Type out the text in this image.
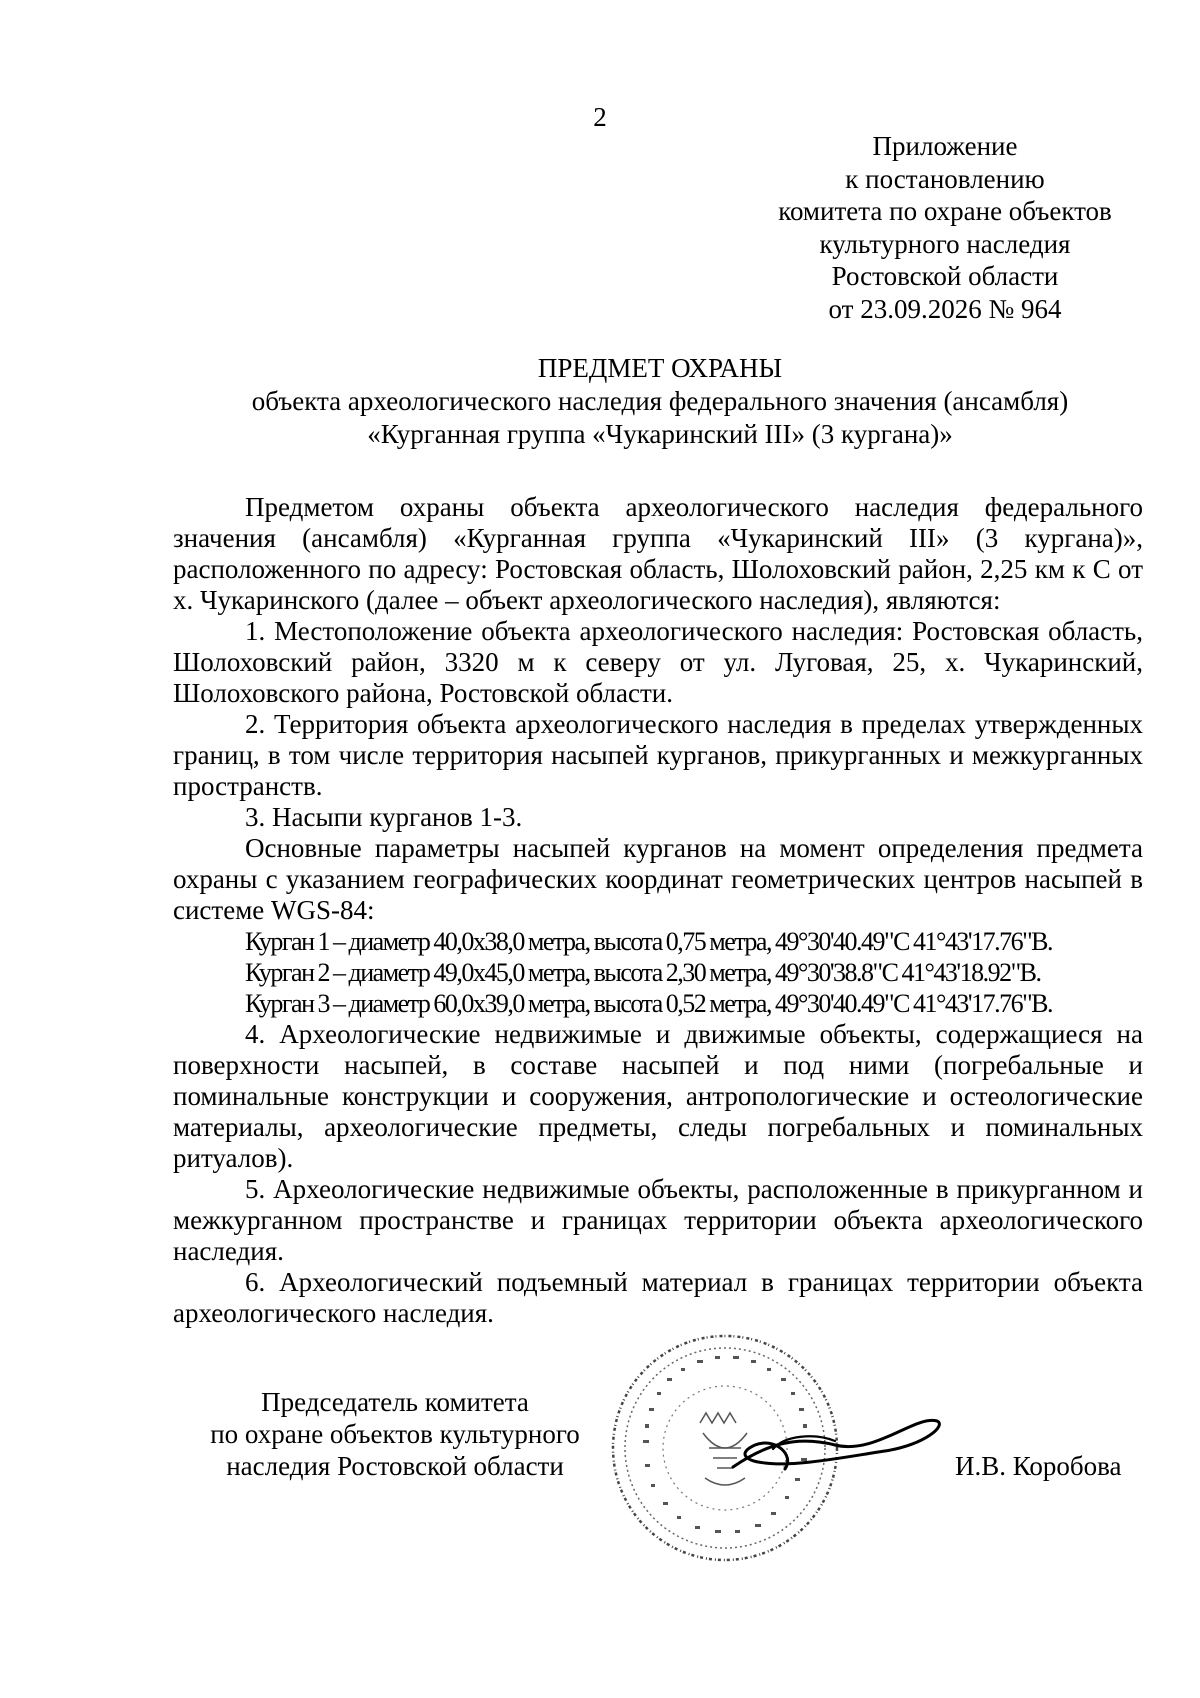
2
Приложение
к постановлению
комитета по охране объектов
культурного наследия
Ростовской области
от 23.09.2026 № 964
ПРЕДМЕТ ОХРАНЫ
объекта археологического наследия федерального значения (ансамбля)
«Курганная группа «Чукаринский III» (3 кургана)»

Предметом охраны объекта археологического наследия федерального значения (ансамбля) «Курганная группа «Чукаринский III» (3 кургана)», расположенного по адресу: Ростовская область, Шолоховский район, 2,25 км к С от х. Чукаринского (далее – объект археологического наследия), являются:

1. Местоположение объекта археологического наследия: Ростовская область, Шолоховский район, 3320 м к северу от ул. Луговая, 25, х. Чукаринский, Шолоховского района, Ростовской области.

2. Территория объекта археологического наследия в пределах утвержденных границ, в том числе территория насыпей курганов, прикурганных и межкурганных пространств.

3. Насыпи курганов 1-3.

Основные параметры насыпей курганов на момент определения предмета охраны с указанием географических координат геометрических центров насыпей в системе WGS-84:

Курган 1 – диаметр 40,0х38,0 метра, высота 0,75 метра, 49°30'40.49"С 41°43'17.76"В.

Курган 2 – диаметр 49,0х45,0 метра, высота 2,30 метра, 49°30'38.8"С 41°43'18.92"В.

Курган 3 – диаметр 60,0х39,0 метра, высота 0,52 метра, 49°30'40.49"С 41°43'17.76"В.

4. Археологические недвижимые и движимые объекты, содержащиеся на поверхности насыпей, в составе насыпей и под ними (погребальные и поминальные конструкции и сооружения, антропологические и остеологические материалы, археологические предметы, следы погребальных и поминальных ритуалов).

5. Археологические недвижимые объекты, расположенные в прикурганном и межкурганном пространстве и границах территории объекта археологического наследия.

6. Археологический подъемный материал в границах территории объекта археологического наследия.

Председатель комитета
по охране объектов культурного
наследия Ростовской области	И.В. Коробова
